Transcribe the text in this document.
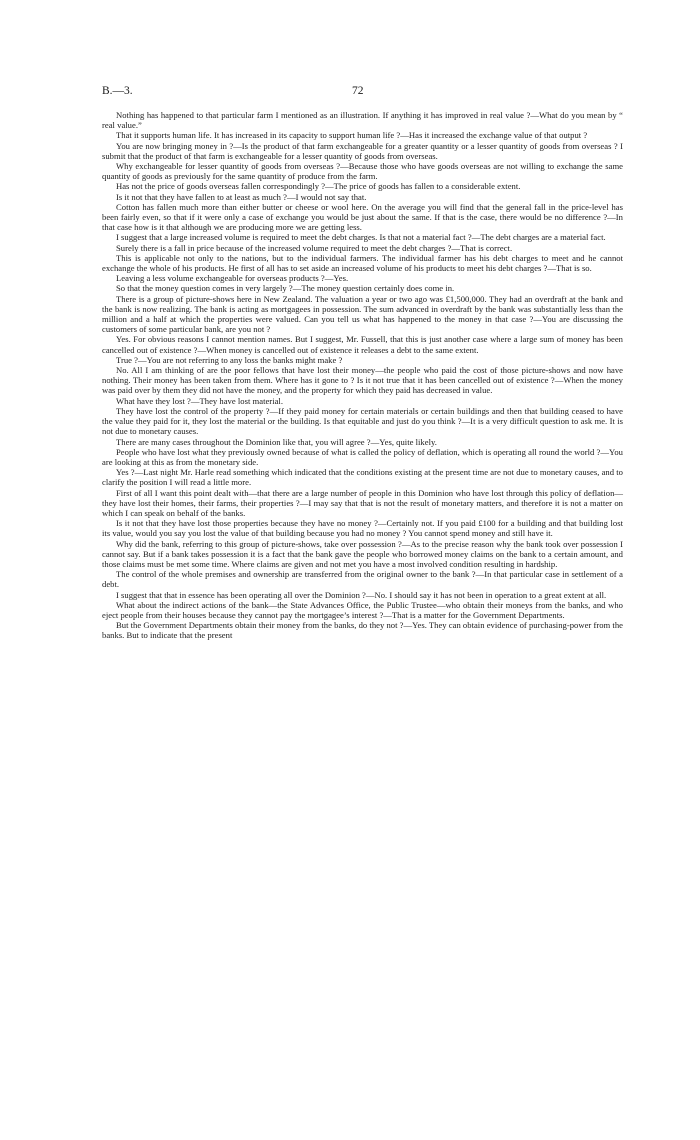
B.—3.	72

Nothing has happened to that particular farm I mentioned as an illustration. If anything it has improved in real value ?—What do you mean by “ real value.”

That it supports human life. It has increased in its capacity to support human life ?—Has it increased the exchange value of that output ?

You are now bringing money in ?—Is the product of that farm exchangeable for a greater quantity or a lesser quantity of goods from overseas ? I submit that the product of that farm is exchangeable for a lesser quantity of goods from overseas.

Why exchangeable for lesser quantity of goods from overseas ?—Because those who have goods overseas are not willing to exchange the same quantity of goods as previously for the same quantity of produce from the farm.

Has not the price of goods overseas fallen correspondingly ?—The price of goods has fallen to a considerable extent.

Is it not that they have fallen to at least as much ?—I would not say that.

Cotton has fallen much more than either butter or cheese or wool here. On the average you will find that the general fall in the price-level has been fairly even, so that if it were only a case of exchange you would be just about the same. If that is the case, there would be no difference ?—In that case how is it that although we are producing more we are getting less.

I suggest that a large increased volume is required to meet the debt charges. Is that not a material fact ?—The debt charges are a material fact.

Surely there is a fall in price because of the increased volume required to meet the debt charges ?—That is correct.

This is applicable not only to the nations, but to the individual farmers. The individual farmer has his debt charges to meet and he cannot exchange the whole of his products. He first of all has to set aside an increased volume of his products to meet his debt charges ?—That is so.

Leaving a less volume exchangeable for overseas products ?—Yes.

So that the money question comes in very largely ?—The money question certainly does come in.

There is a group of picture-shows here in New Zealand. The valuation a year or two ago was £1,500,000. They had an overdraft at the bank and the bank is now realizing. The bank is acting as mortgagees in possession. The sum advanced in overdraft by the bank was substantially less than the million and a half at which the properties were valued. Can you tell us what has happened to the money in that case ?—You are discussing the customers of some particular bank, are you not ?

Yes. For obvious reasons I cannot mention names. But I suggest, Mr. Fussell, that this is just another case where a large sum of money has been cancelled out of existence ?—When money is cancelled out of existence it releases a debt to the same extent.

True ?—You are not referring to any loss the banks might make ?

No. All I am thinking of are the poor fellows that have lost their money—the people who paid the cost of those picture-shows and now have nothing. Their money has been taken from them. Where has it gone to ? Is it not true that it has been cancelled out of existence ?—When the money was paid over by them they did not have the money, and the property for which they paid has decreased in value.

What have they lost ?—They have lost material.

They have lost the control of the property ?—If they paid money for certain materials or certain buildings and then that building ceased to have the value they paid for it, they lost the material or the building. Is that equitable and just do you think ?—It is a very difficult question to ask me. It is not due to monetary causes.

There are many cases throughout the Dominion like that, you will agree ?—Yes, quite likely.

People who have lost what they previously owned because of what is called the policy of deflation, which is operating all round the world ?—You are looking at this as from the monetary side.

Yes ?—Last night Mr. Harle read something which indicated that the conditions existing at the present time are not due to monetary causes, and to clarify the position I will read a little more.

First of all I want this point dealt with—that there are a large number of people in this Dominion who have lost through this policy of deflation—they have lost their homes, their farms, their properties ?—I may say that that is not the result of monetary matters, and therefore it is not a matter on which I can speak on behalf of the banks.

Is it not that they have lost those properties because they have no money ?—Certainly not. If you paid £100 for a building and that building lost its value, would you say you lost the value of that building because you had no money ? You cannot spend money and still have it.

Why did the bank, referring to this group of picture-shows, take over possession ?—As to the precise reason why the bank took over possession I cannot say. But if a bank takes possession it is a fact that the bank gave the people who borrowed money claims on the bank to a certain amount, and those claims must be met some time. Where claims are given and not met you have a most involved condition resulting in hardship.

The control of the whole premises and ownership are transferred from the original owner to the bank ?—In that particular case in settlement of a debt.

I suggest that that in essence has been operating all over the Dominion ?—No. I should say it has not been in operation to a great extent at all.

What about the indirect actions of the bank—the State Advances Office, the Public Trustee—who obtain their moneys from the banks, and who eject people from their houses because they cannot pay the mortgagee’s interest ?—That is a matter for the Government Departments.

But the Government Departments obtain their money from the banks, do they not ?—Yes. They can obtain evidence of purchasing-power from the banks. But to indicate that the present
